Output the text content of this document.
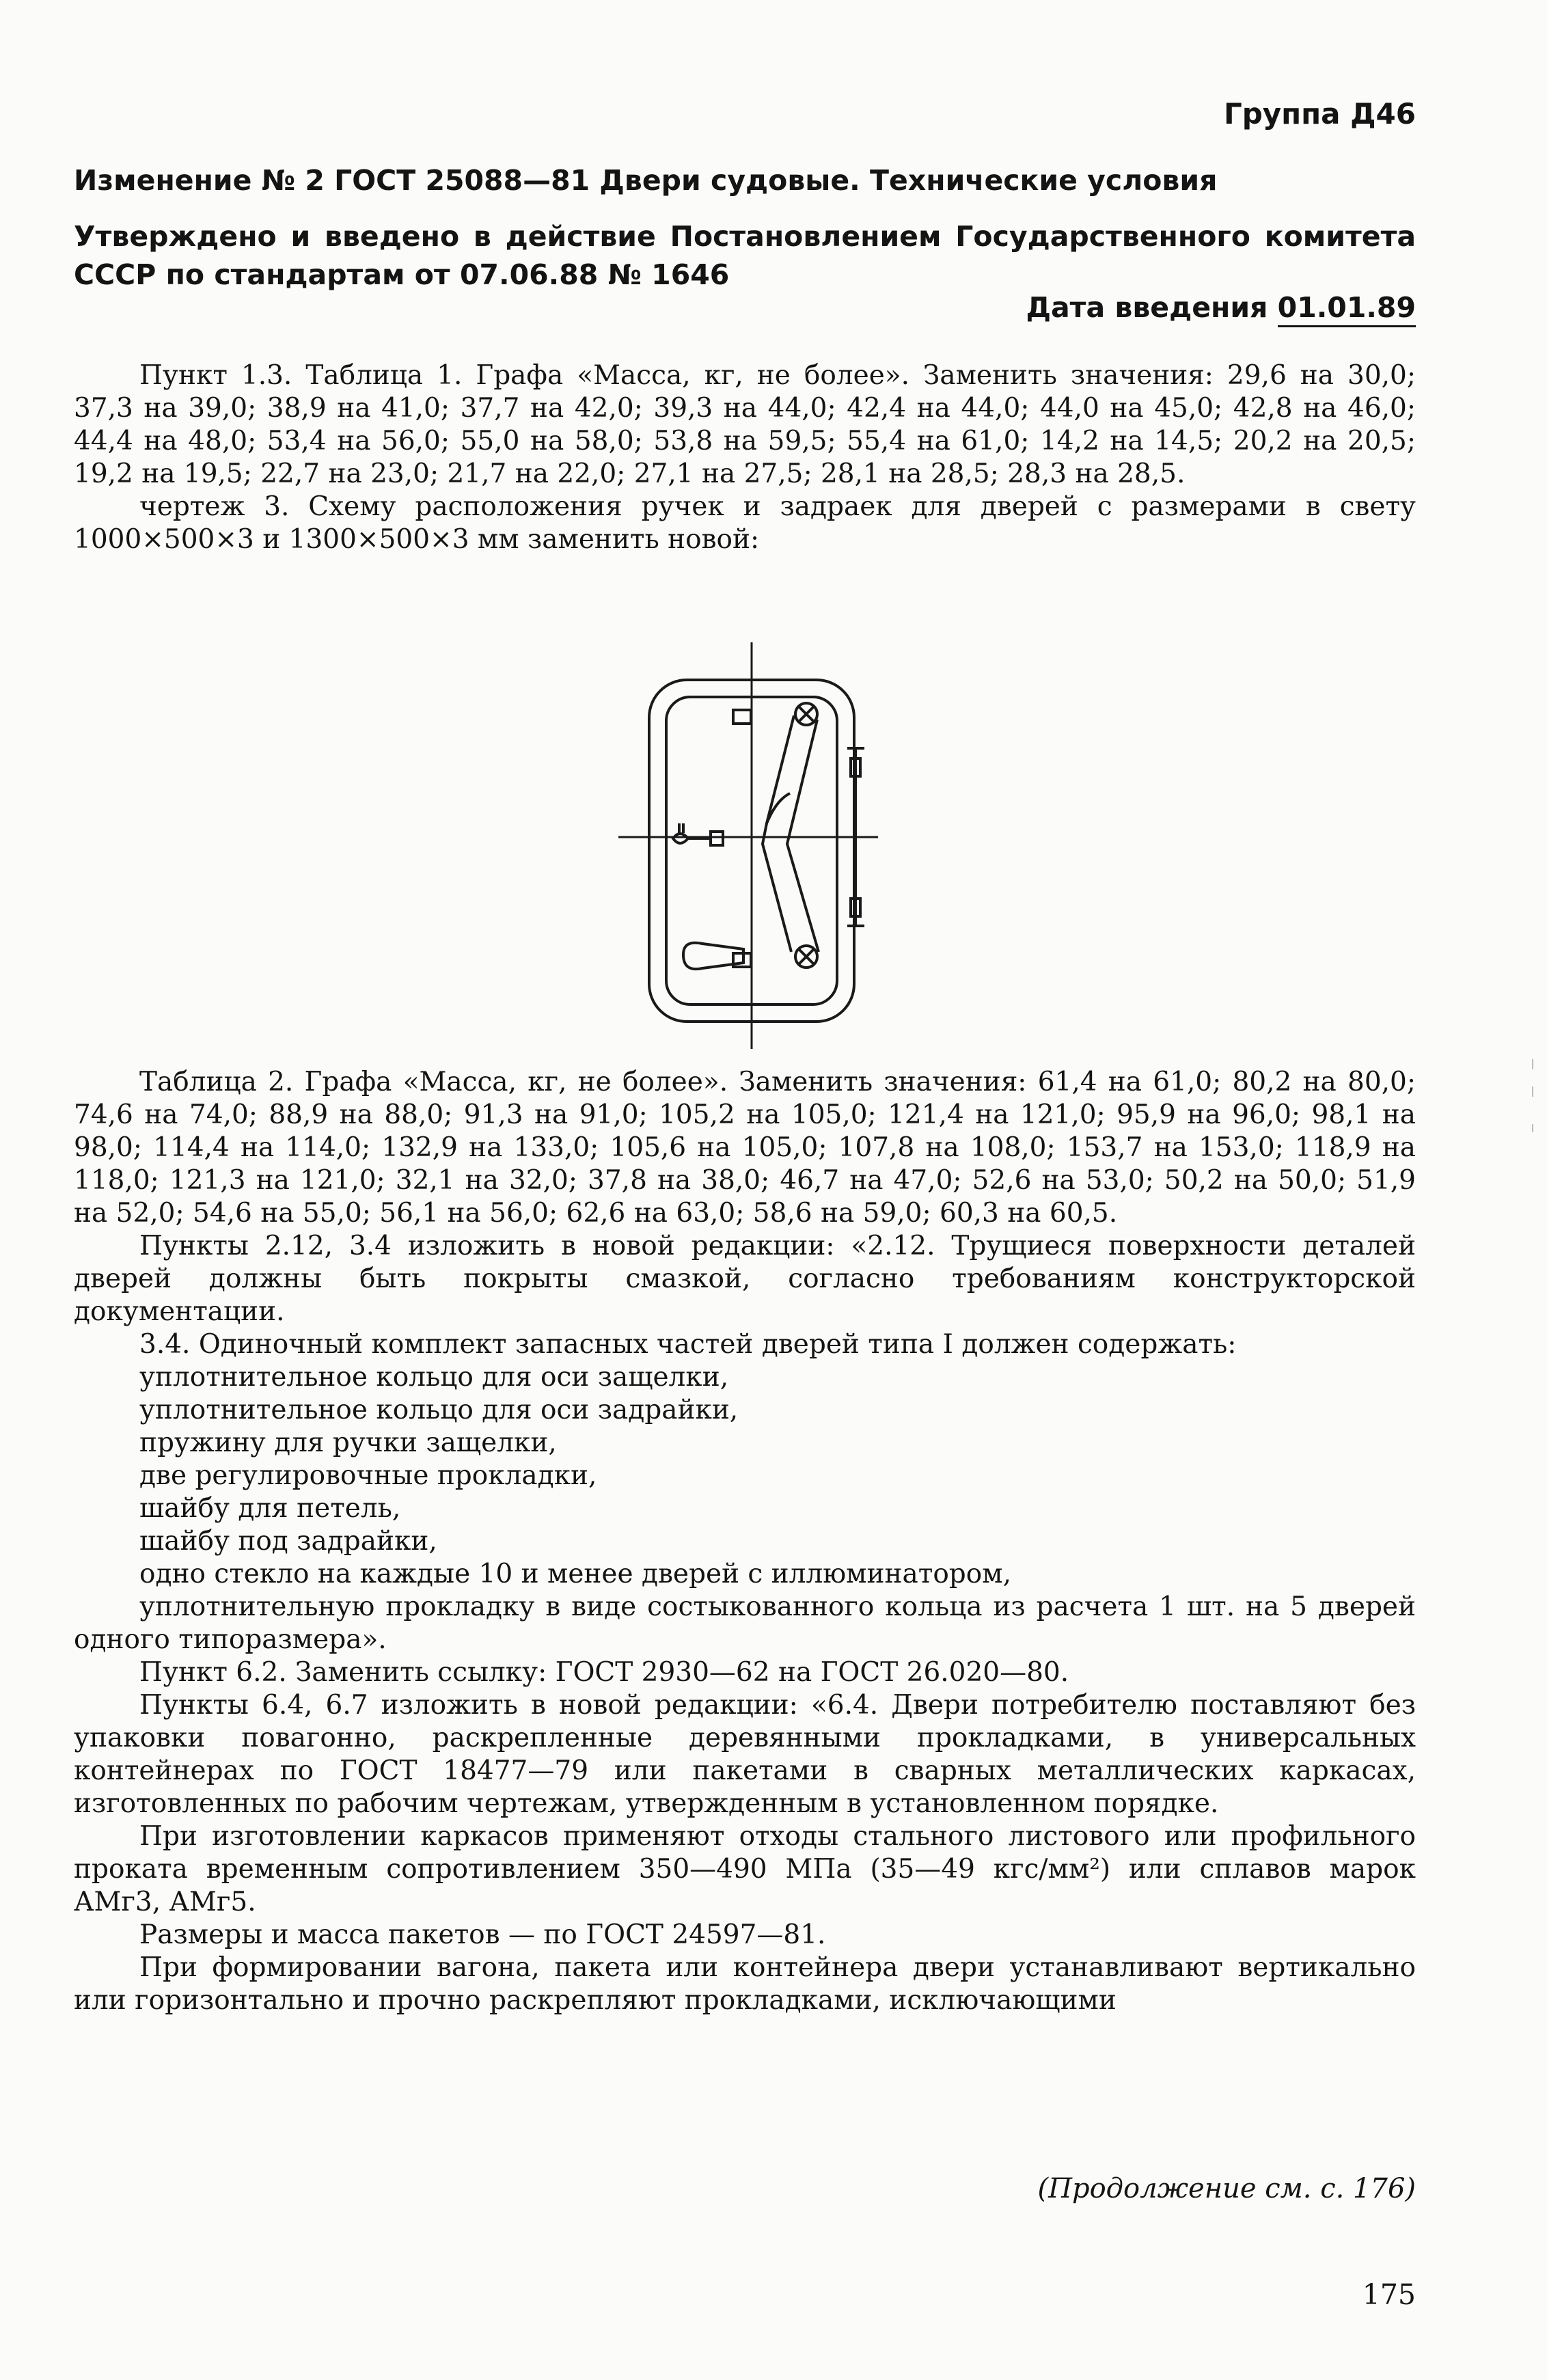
Группа Д46
Изменение № 2 ГОСТ 25088—81 Двери судовые. Технические условия
Утверждено и введено в действие Постановлением Государственного комитета СССР по стандартам от 07.06.88 № 1646
Дата введения 01.01.89

Пункт 1.3. Таблица 1. Графа «Масса, кг, не более». Заменить значения: 29,6 на 30,0; 37,3 на 39,0; 38,9 на 41,0; 37,7 на 42,0; 39,3 на 44,0; 42,4 на 44,0; 44,0 на 45,0; 42,8 на 46,0; 44,4 на 48,0; 53,4 на 56,0; 55,0 на 58,0; 53,8 на 59,5; 55,4 на 61,0; 14,2 на 14,5; 20,2 на 20,5; 19,2 на 19,5; 22,7 на 23,0; 21,7 на 22,0; 27,1 на 27,5; 28,1 на 28,5; 28,3 на 28,5.

чертеж 3. Схему расположения ручек и задраек для дверей с размерами в свету 1000×500×3 и 1300×500×3 мм заменить новой:

Таблица 2. Графа «Масса, кг, не более». Заменить значения: 61,4 на 61,0; 80,2 на 80,0; 74,6 на 74,0; 88,9 на 88,0; 91,3 на 91,0; 105,2 на 105,0; 121,4 на 121,0; 95,9 на 96,0; 98,1 на 98,0; 114,4 на 114,0; 132,9 на 133,0; 105,6 на 105,0; 107,8 на 108,0; 153,7 на 153,0; 118,9 на 118,0; 121,3 на 121,0; 32,1 на 32,0; 37,8 на 38,0; 46,7 на 47,0; 52,6 на 53,0; 50,2 на 50,0; 51,9 на 52,0; 54,6 на 55,0; 56,1 на 56,0; 62,6 на 63,0; 58,6 на 59,0; 60,3 на 60,5.

Пункты 2.12, 3.4 изложить в новой редакции: «2.12. Трущиеся поверхности деталей дверей должны быть покрыты смазкой, согласно требованиям конструкторской документации.

3.4. Одиночный комплект запасных частей дверей типа I должен содержать:

уплотнительное кольцо для оси защелки,

уплотнительное кольцо для оси задрайки,

пружину для ручки защелки,

две регулировочные прокладки,

шайбу для петель,

шайбу под задрайки,

одно стекло на каждые 10 и менее дверей с иллюминатором,

уплотнительную прокладку в виде состыкованного кольца из расчета 1 шт. на 5 дверей одного типоразмера».

Пункт 6.2. Заменить ссылку: ГОСТ 2930—62 на ГОСТ 26.020—80.

Пункты 6.4, 6.7 изложить в новой редакции: «6.4. Двери потребителю поставляют без упаковки повагонно, раскрепленные деревянными прокладками, в универсальных контейнерах по ГОСТ 18477—79 или пакетами в сварных металлических каркасах, изготовленных по рабочим чертежам, утвержденным в установленном порядке.

При изготовлении каркасов применяют отходы стального листового или профильного проката временным сопротивлением 350—490 МПа (35—49 кгс/мм²) или сплавов марок АМг3, АМг5.

Размеры и масса пакетов — по ГОСТ 24597—81.

При формировании вагона, пакета или контейнера двери устанавливают вертикально или горизонтально и прочно раскрепляют прокладками, исключающими

(Продолжение см. с. 176)
175
